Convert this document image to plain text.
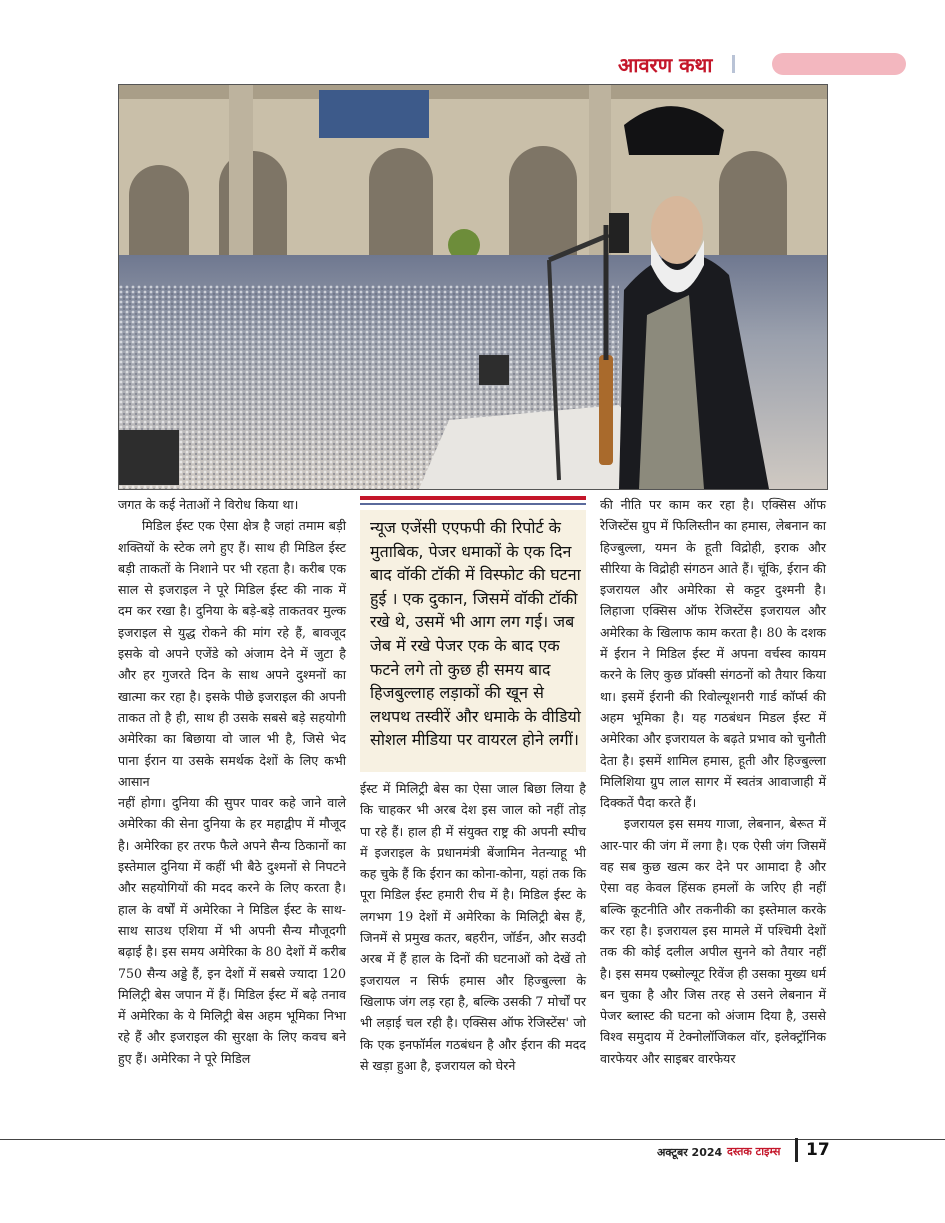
आवरण कथा

जगत के कई नेताओं ने विरोध किया था।

मिडिल ईस्ट एक ऐसा क्षेत्र है जहां तमाम बड़ी शक्तियों के स्टेक लगे हुए हैं। साथ ही मिडिल ईस्ट बड़ी ताकतों के निशाने पर भी रहता है। करीब एक साल से इजराइल ने पूरे मिडिल ईस्ट की नाक में दम कर रखा है। दुनिया के बड़े-बड़े ताकतवर मुल्क इजराइल से युद्ध रोकने की मांग रहे हैं, बावजूद इसके वो अपने एजेंडे को अंजाम देने में जुटा है और हर गुजरते दिन के साथ अपने दुश्मनों का खात्मा कर रहा है। इसके पीछे इजराइल की अपनी ताकत तो है ही, साथ ही उसके सबसे बड़े सहयोगी अमेरिका का बिछाया वो जाल भी है, जिसे भेद पाना ईरान या उसके समर्थक देशों के लिए कभी आसान

नहीं होगा। दुनिया की सुपर पावर कहे जाने वाले अमेरिका की सेना दुनिया के हर महाद्वीप में मौजूद है। अमेरिका हर तरफ फैले अपने सैन्य ठिकानों का इस्तेमाल दुनिया में कहीं भी बैठे दुश्मनों से निपटने और सहयोगियों की मदद करने के लिए करता है। हाल के वर्षों में अमेरिका ने मिडिल ईस्ट के साथ-साथ साउथ एशिया में भी अपनी सैन्य मौजूदगी बढ़ाई है। इस समय अमेरिका के 80 देशों में करीब 750 सैन्य अड्डे हैं, इन देशों में सबसे ज्यादा 120 मिलिट्री बेस जपान में हैं। मिडिल ईस्ट में बढ़े तनाव में अमेरिका के ये मिलिट्री बेस अहम भूमिका निभा रहे हैं और इजराइल की सुरक्षा के लिए कवच बने हुए हैं। अमेरिका ने पूरे मिडिल

न्यूज एजेंसी एएफपी की रिपोर्ट के मुताबिक, पेजर धमाकों के एक दिन बाद वॉकी टॉकी में विस्फोट की घटना हुई । एक दुकान, जिसमें वॉकी टॉकी रखे थे, उसमें भी आग लग गई। जब जेब में रखे पेजर एक के बाद एक फटने लगे तो कुछ ही समय बाद हिजबुल्लाह लड़ाकों की खून से लथपथ तस्वीरें और धमाके के वीडियो सोशल मीडिया पर वायरल होने लगीं।

ईस्ट में मिलिट्री बेस का ऐसा जाल बिछा लिया है कि चाहकर भी अरब देश इस जाल को नहीं तोड़ पा रहे हैं। हाल ही में संयुक्त राष्ट्र की अपनी स्पीच में इजराइल के प्रधानमंत्री बेंजामिन नेतन्याहू भी कह चुके हैं कि ईरान का कोना-कोना, यहां तक कि पूरा मिडिल ईस्ट हमारी रीच में है। मिडिल ईस्ट के लगभग 19 देशों में अमेरिका के मिलिट्री बेस हैं, जिनमें से प्रमुख कतर, बहरीन, जॉर्डन, और सउदी अरब में हैं हाल के दिनों की घटनाओं को देखें तो इजरायल न सिर्फ हमास और हिज्बुल्ला के खिलाफ जंग लड़ रहा है, बल्कि उसकी 7 मोर्चों पर भी लड़ाई चल रही है। एक्सिस ऑफ रेजिस्टेंस' जो कि एक इनफॉर्मल गठबंधन है और ईरान की मदद से खड़ा हुआ है, इजरायल को घेरने

की नीति पर काम कर रहा है। एक्सिस ऑफ रेजिस्टेंस ग्रुप में फिलिस्तीन का हमास, लेबनान का हिज्बुल्ला, यमन के हूती विद्रोही, इराक और सीरिया के विद्रोही संगठन आते हैं। चूंकि, ईरान की इजरायल और अमेरिका से कट्टर दुश्मनी है। लिहाजा एक्सिस ऑफ रेजिस्टेंस इजरायल और अमेरिका के खिलाफ काम करता है। 80 के दशक में ईरान ने मिडिल ईस्ट में अपना वर्चस्व कायम करने के लिए कुछ प्रॉक्सी संगठनों को तैयार किया था। इसमें ईरानी की रिवोल्यूशनरी गार्ड कॉर्प्स की अहम भूमिका है। यह गठबंधन मिडल ईस्ट में अमेरिका और इजरायल के बढ़ते प्रभाव को चुनौती देता है। इसमें शामिल हमास, हूती और हिज्बुल्ला मिलिशिया ग्रुप लाल सागर में स्वतंत्र आवाजाही में दिक्कतें पैदा करते हैं।

इजरायल इस समय गाजा, लेबनान, बेरूत में आर-पार की जंग में लगा है। एक ऐसी जंग जिसमें वह सब कुछ खत्म कर देने पर आमादा है और ऐसा वह केवल हिंसक हमलों के जरिए ही नहीं बल्कि कूटनीति और तकनीकी का इस्तेमाल करके कर रहा है। इजरायल इस मामले में पश्चिमी देशों तक की कोई दलील अपील सुनने को तैयार नहीं है। इस समय एब्सोल्यूट रिवेंज ही उसका मुख्य धर्म बन चुका है और जिस तरह से उसने लेबनान में पेजर ब्लास्ट की घटना को अंजाम दिया है, उससे विश्व समुदाय में टेक्नोलॉजिकल वॉर, इलेक्ट्रॉनिक वारफेयर और साइबर वारफेयर

अक्टूबर 2024 दस्तक टाइम्स 17
